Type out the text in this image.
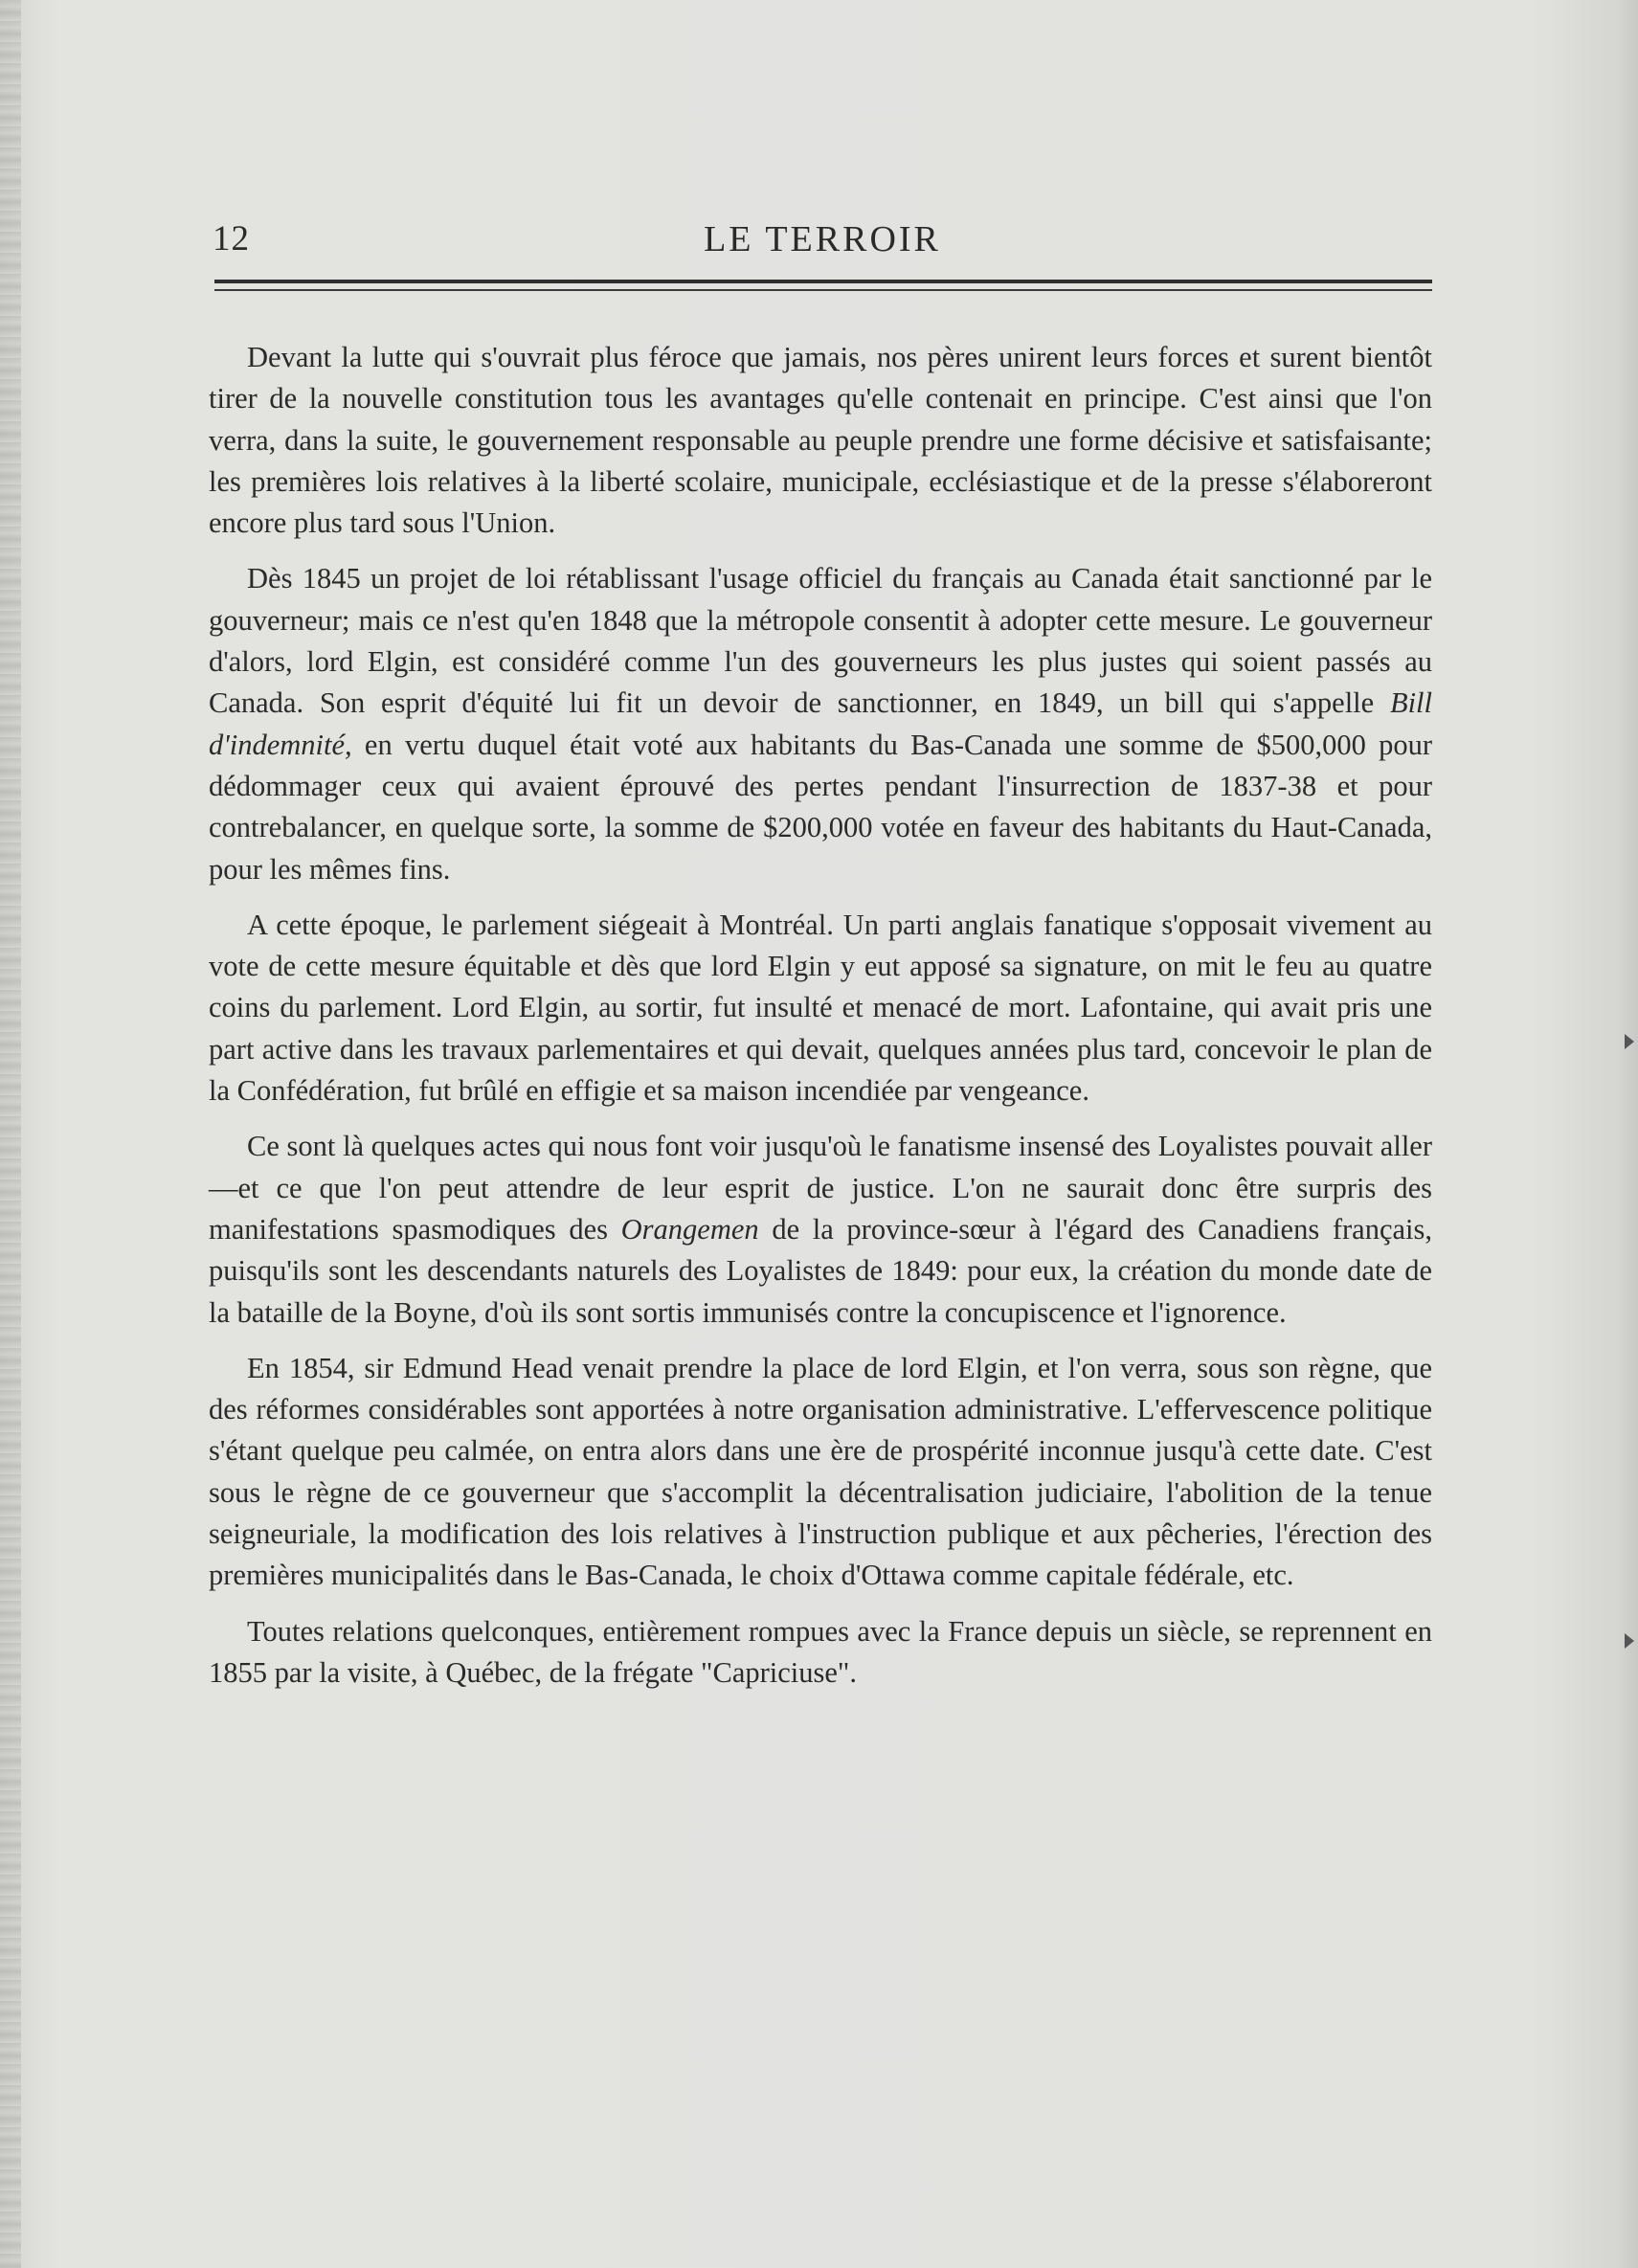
12	LE TERROIR

Devant la lutte qui s'ouvrait plus féroce que jamais, nos pères unirent leurs forces et surent bientôt tirer de la nouvelle constitution tous les avantages qu'elle contenait en principe. C'est ainsi que l'on verra, dans la suite, le gouvernement responsable au peuple prendre une forme décisive et satisfaisante; les premières lois relatives à la liberté scolaire, municipale, ecclésiastique et de la presse s'élaboreront encore plus tard sous l'Union.

Dès 1845 un projet de loi rétablissant l'usage officiel du français au Canada était sanctionné par le gouverneur; mais ce n'est qu'en 1848 que la métropole consentit à adopter cette mesure. Le gouverneur d'alors, lord Elgin, est considéré comme l'un des gouverneurs les plus justes qui soient passés au Canada. Son esprit d'équité lui fit un devoir de sanctionner, en 1849, un bill qui s'appelle Bill d'indemnité, en vertu duquel était voté aux habitants du Bas-Canada une somme de $500,000 pour dédommager ceux qui avaient éprouvé des pertes pendant l'insurrection de 1837-38 et pour contrebalancer, en quelque sorte, la somme de $200,000 votée en faveur des habitants du Haut-Canada, pour les mêmes fins.

A cette époque, le parlement siégeait à Montréal. Un parti anglais fanatique s'opposait vivement au vote de cette mesure équitable et dès que lord Elgin y eut apposé sa signature, on mit le feu au quatre coins du parlement. Lord Elgin, au sortir, fut insulté et menacé de mort. Lafontaine, qui avait pris une part active dans les travaux parlementaires et qui devait, quelques années plus tard, concevoir le plan de la Confédération, fut brûlé en effigie et sa maison incendiée par vengeance.

Ce sont là quelques actes qui nous font voir jusqu'où le fanatisme insensé des Loyalistes pouvait aller—et ce que l'on peut attendre de leur esprit de justice. L'on ne saurait donc être surpris des manifestations spasmodiques des Orangemen de la province-sœur à l'égard des Canadiens français, puisqu'ils sont les descendants naturels des Loyalistes de 1849: pour eux, la création du monde date de la bataille de la Boyne, d'où ils sont sortis immunisés contre la concupiscence et l'ignorence.

En 1854, sir Edmund Head venait prendre la place de lord Elgin, et l'on verra, sous son règne, que des réformes considérables sont apportées à notre organisation administrative. L'effervescence politique s'étant quelque peu calmée, on entra alors dans une ère de prospérité inconnue jusqu'à cette date. C'est sous le règne de ce gouverneur que s'accomplit la décentralisation judiciaire, l'abolition de la tenue seigneuriale, la modification des lois relatives à l'instruction publique et aux pêcheries, l'érection des premières municipalités dans le Bas-Canada, le choix d'Ottawa comme capitale fédérale, etc.

Toutes relations quelconques, entièrement rompues avec la France depuis un siècle, se reprennent en 1855 par la visite, à Québec, de la frégate "Capriciuse".
